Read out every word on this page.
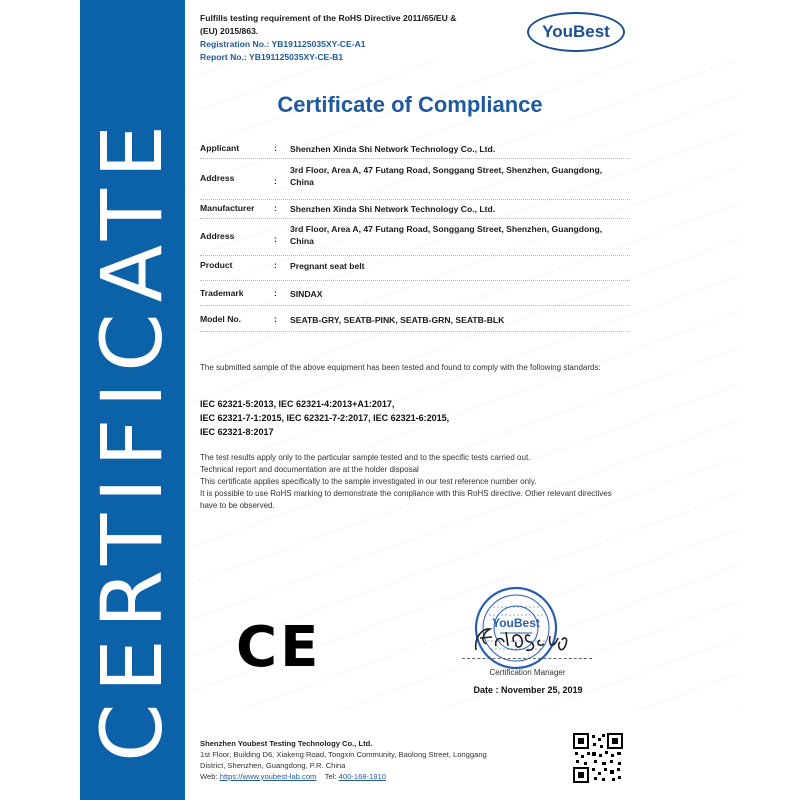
CERTIFICATE
Fulfills testing requirement of the RoHS Directive 2011/65/EU &
(EU) 2015/863.
Registration No.: YB191125035XY-CE-A1
Report No.: YB191125035XY-CE-B1
YouBest
Certificate of Compliance
Applicant	: Shenzhen Xinda Shi Network Technology Co., Ltd.
Address	:
3rd Floor, Area A, 47 Futang Road, Songgang Street, Shenzhen, Guangdong, China
Manufacturer : Shenzhen Xinda Shi Network Technology Co., Ltd.
Address	:
3rd Floor, Area A, 47 Futang Road, Songgang Street, Shenzhen, Guangdong, China
Product	: Pregnant seat belt
Trademark	: SINDAX
Model No.	: SEATB-GRY, SEATB-PINK, SEATB-GRN, SEATB-BLK
The submitted sample of the above equipment has been tested and found to comply with the following standards:
IEC 62321-5:2013, IEC 62321-4:2013+A1:2017,
IEC 62321-7-1:2015, IEC 62321-7-2:2017, IEC 62321-6:2015,
IEC 62321-8:2017
The test results apply only to the particular sample tested and to the specific tests carried out.
Technical report and documentation are at the holder disposal
This certificate applies specifically to the sample investigated in our test reference number only.
It is possible to use RoHS marking to demonstrate the compliance with this RoHS directive. Other relevant directives have to be observed.
CE	YouBest
Certification Manager
Date : November 25, 2019
Shenzhen Youbest Testing Technology Co., Ltd.
1st Floor, Building D6, Xiakeng Road, Tongxin Community, Baolong Street, Longgang
District, Shenzhen, Guangdong, P.R. China
Web: https://www.youbest-lab.com Tel: 400-168-1910
